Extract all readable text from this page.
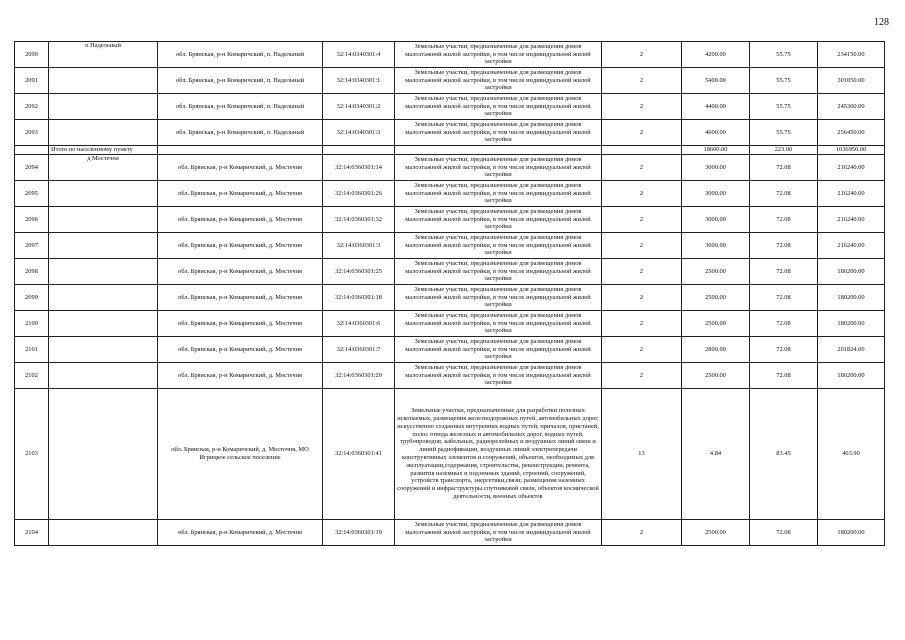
128
2090	п Надельный	обл. Брянская, р-н Комаричский, п. Надельный	32:14:0340301:4	Земельные участки, предназначенные для размещения домов малоэтажной жилой застройки, в том числе индивидуальной жилой застройки	2	4200.00	55.75	234150.00
2091		обл. Брянская, р-н Комаричский, п. Надельный	32:14:0340301:1	Земельные участки, предназначенные для размещения домов малоэтажной жилой застройки, в том числе индивидуальной жилой застройки	2	5400.00	55.75	301050.00
2092		обл. Брянская, р-н Комаричский, п. Надельный	32:14:0340301:2	Земельные участки, предназначенные для размещения домов малоэтажной жилой застройки, в том числе индивидуальной жилой застройки	2	4400.00	55.75	245300.00
2093		обл. Брянская, р-н Комаричский, п. Надельный	32:14:0340301:3	Земельные участки, предназначенные для размещения домов малоэтажной жилой застройки, в том числе индивидуальной жилой застройки	2	4600.00	55.75	256450.00
	Итого по населенному пункту					18600.00	223.00	1036950.00
2094	д Мостечня	обл. Брянская, р-н Комаричский, д. Мостечня	32:14:0360301:14	Земельные участки, предназначенные для размещения домов малоэтажной жилой застройки, в том числе индивидуальной жилой застройки	2	3000.00	72.08	216240.00
2095		обл. Брянская, р-н Комаричский, д. Мостечня	32:14:0360301:26	Земельные участки, предназначенные для размещения домов малоэтажной жилой застройки, в том числе индивидуальной жилой застройки	2	3000.00	72.08	216240.00
2096		обл. Брянская, р-н Комаричский, д. Мостечня	32:14:0360301:32	Земельные участки, предназначенные для размещения домов малоэтажной жилой застройки, в том числе индивидуальной жилой застройки	2	3000.00	72.08	216240.00
2097		обл. Брянская, р-н Комаричский, д. Мостечня	32:14:0360301:3	Земельные участки, предназначенные для размещения домов малоэтажной жилой застройки, в том числе индивидуальной жилой застройки	2	3000.00	72.08	216240.00
2098		обл. Брянская, р-н Комаричский, д. Мостечня	32:14:0360301:25	Земельные участки, предназначенные для размещения домов малоэтажной жилой застройки, в том числе индивидуальной жилой застройки	2	2500.00	72.08	180200.00
2099		обл. Брянская, р-н Комаричский, д. Мостечня	32:14:0360301:18	Земельные участки, предназначенные для размещения домов малоэтажной жилой застройки, в том числе индивидуальной жилой застройки	2	2500.00	72.08	180200.00
2100		обл. Брянская, р-н Комаричский, д. Мостечня	32:14:0360301:6	Земельные участки, предназначенные для размещения домов малоэтажной жилой застройки, в том числе индивидуальной жилой застройки	2	2500.00	72.08	180200.00
2101		обл. Брянская, р-н Комаричский, д. Мостечня	32:14:0360301:7	Земельные участки, предназначенные для размещения домов малоэтажной жилой застройки, в том числе индивидуальной жилой застройки	2	2800.00	72.08	201824.00
2102		обл. Брянская, р-н Комаричский, д. Мостечня	32:14:0360301:29	Земельные участки, предназначенные для размещения домов малоэтажной жилой застройки, в том числе индивидуальной жилой застройки	2	2500.00	72.08	180200.00
2103		обл. Брянская, р-н Комаричский, д. Мостечня, МО Игрицкое сельское поселение	32:14:0360301:41	Земельные участки, предназначенные для разработки полезных ископаемых, размещения железнодорожных путей, автомобильных дорог, искусственно созданных внутренних водных путей, причалов, пристаней, полос отвода железных и автомобильных дорог, водных путей, трубопроводов, кабельных, радиорелейных и воздушных линий связи и линий радиофикации, воздушных линий электропередачи конструктивных элементов и сооружений, объектов, необходимых для эксплуатации,содержания, строительства, реконструкции, ремонта, развития наземных и подземных зданий, строений, сооружений, устройств транспорта, энергетики,связи; размещения наземных сооружений и инфраструктуры спутниковой связи, объектов космической деятельности, военных объектов	13	4.84	83.45	403.90
2104		обл. Брянская, р-н Комаричский, д. Мостечня	32:14:0360301:19	Земельные участки, предназначенные для размещения домов малоэтажной жилой застройки, в том числе индивидуальной жилой застройки	2	2500.00	72.08	180200.00
